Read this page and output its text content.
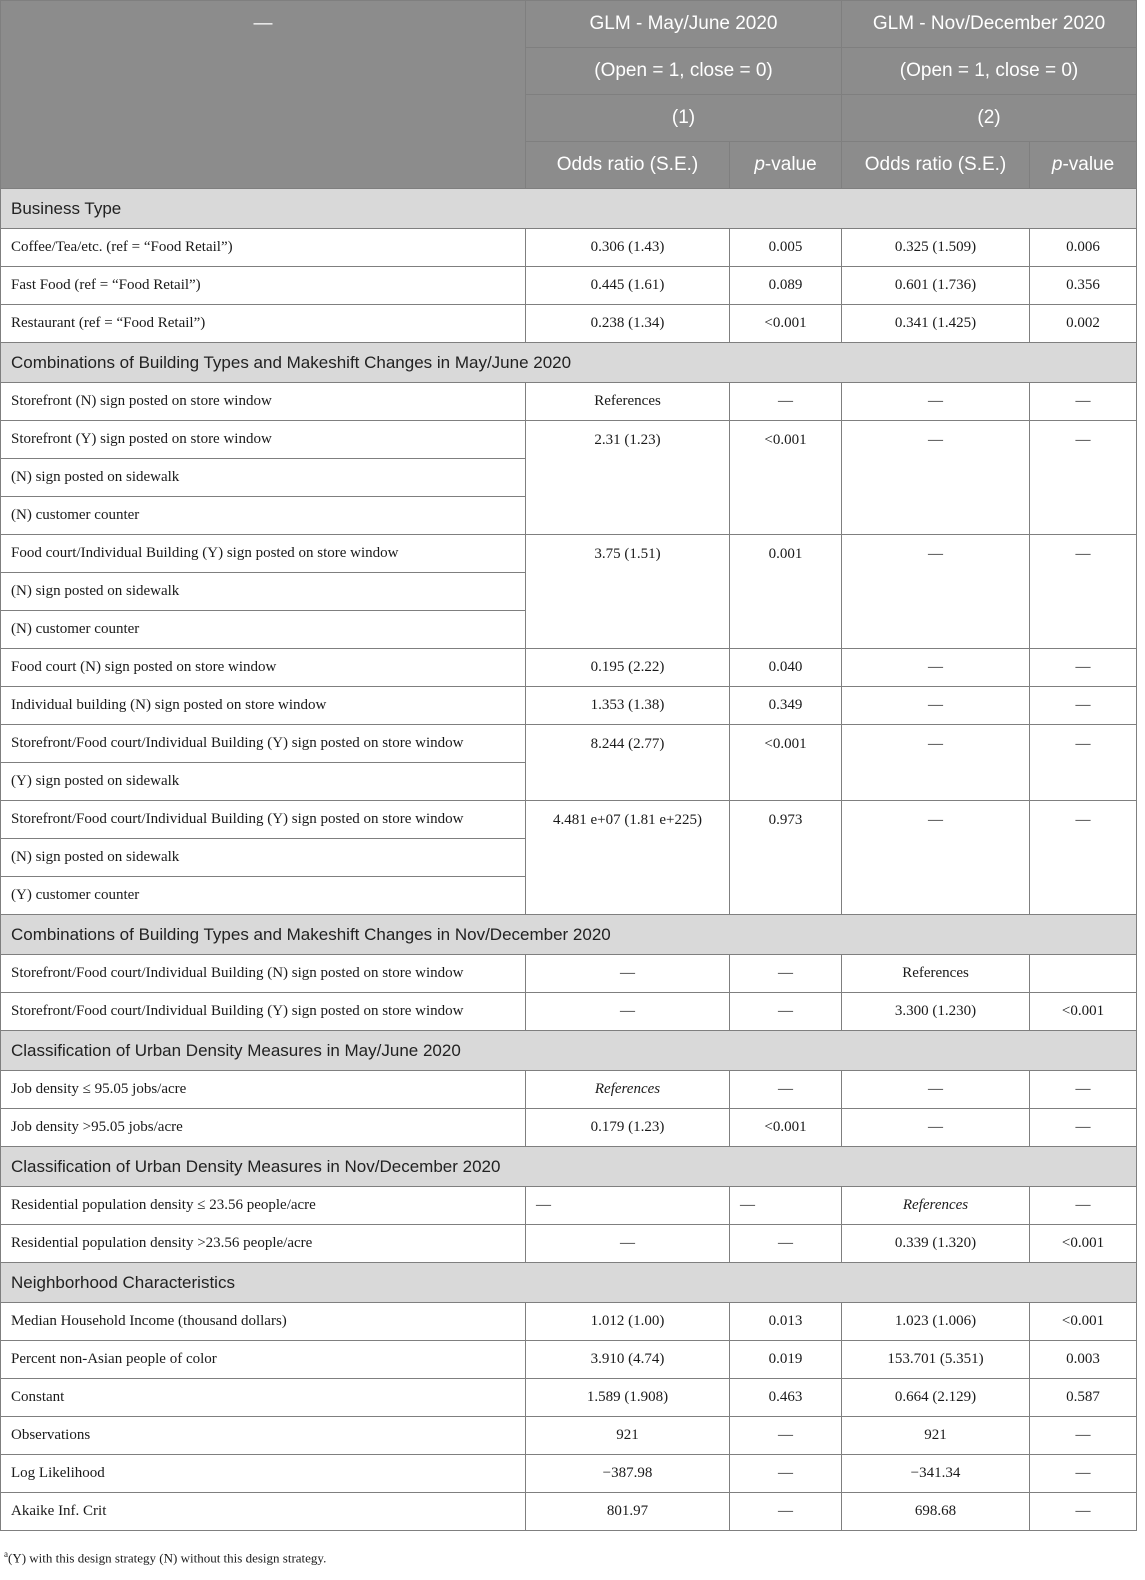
—	GLM - May/June 2020		GLM - Nov/December 2020	
	(Open = 1, close = 0)		(Open = 1, close = 0)	
	(1)		(2)	
	Odds ratio (S.E.)	p-value	Odds ratio (S.E.)	p-value
Business Type				
Coffee/Tea/etc. (ref = “Food Retail”)	0.306 (1.43)	0.005	0.325 (1.509)	0.006
Fast Food (ref = “Food Retail”)	0.445 (1.61)	0.089	0.601 (1.736)	0.356
Restaurant (ref = “Food Retail”)	0.238 (1.34)	<0.001	0.341 (1.425)	0.002
Combinations of Building Types and Makeshift Changes in May/June 2020				
Storefront (N) sign posted on store window	References	—	—	—
Storefront (Y) sign posted on store window	2.31 (1.23)	<0.001	—	—
(N) sign posted on sidewalk				
(N) customer counter				
Food court/Individual Building (Y) sign posted on store window	3.75 (1.51)	0.001	—	—
(N) sign posted on sidewalk				
(N) customer counter				
Food court (N) sign posted on store window	0.195 (2.22)	0.040	—	—
Individual building (N) sign posted on store window	1.353 (1.38)	0.349	—	—
Storefront/Food court/Individual Building (Y) sign posted on store window	8.244 (2.77)	<0.001	—	—
(Y) sign posted on sidewalk				
Storefront/Food court/Individual Building (Y) sign posted on store window	4.481 e+07 (1.81 e+225)	0.973	—	—
(N) sign posted on sidewalk				
(Y) customer counter				
Combinations of Building Types and Makeshift Changes in Nov/December 2020				
Storefront/Food court/Individual Building (N) sign posted on store window	—	—	References	
Storefront/Food court/Individual Building (Y) sign posted on store window	—	—	3.300 (1.230)	<0.001
Classification of Urban Density Measures in May/June 2020				
Job density ≤ 95.05 jobs/acre	References	—	—	—
Job density >95.05 jobs/acre	0.179 (1.23)	<0.001	—	—
Classification of Urban Density Measures in Nov/December 2020				
Residential population density ≤ 23.56 people/acre	—	—	References	—
Residential population density >23.56 people/acre	—	—	0.339 (1.320)	<0.001
Neighborhood Characteristics				
Median Household Income (thousand dollars)	1.012 (1.00)	0.013	1.023 (1.006)	<0.001
Percent non-Asian people of color	3.910 (4.74)	0.019	153.701 (5.351)	0.003
Constant	1.589 (1.908)	0.463	0.664 (2.129)	0.587
Observations	921	—	921	—
Log Likelihood	−387.98	—	−341.34	—
Akaike Inf. Crit	801.97	—	698.68	—
$^a$(Y) with this design strategy (N) without this design strategy.
